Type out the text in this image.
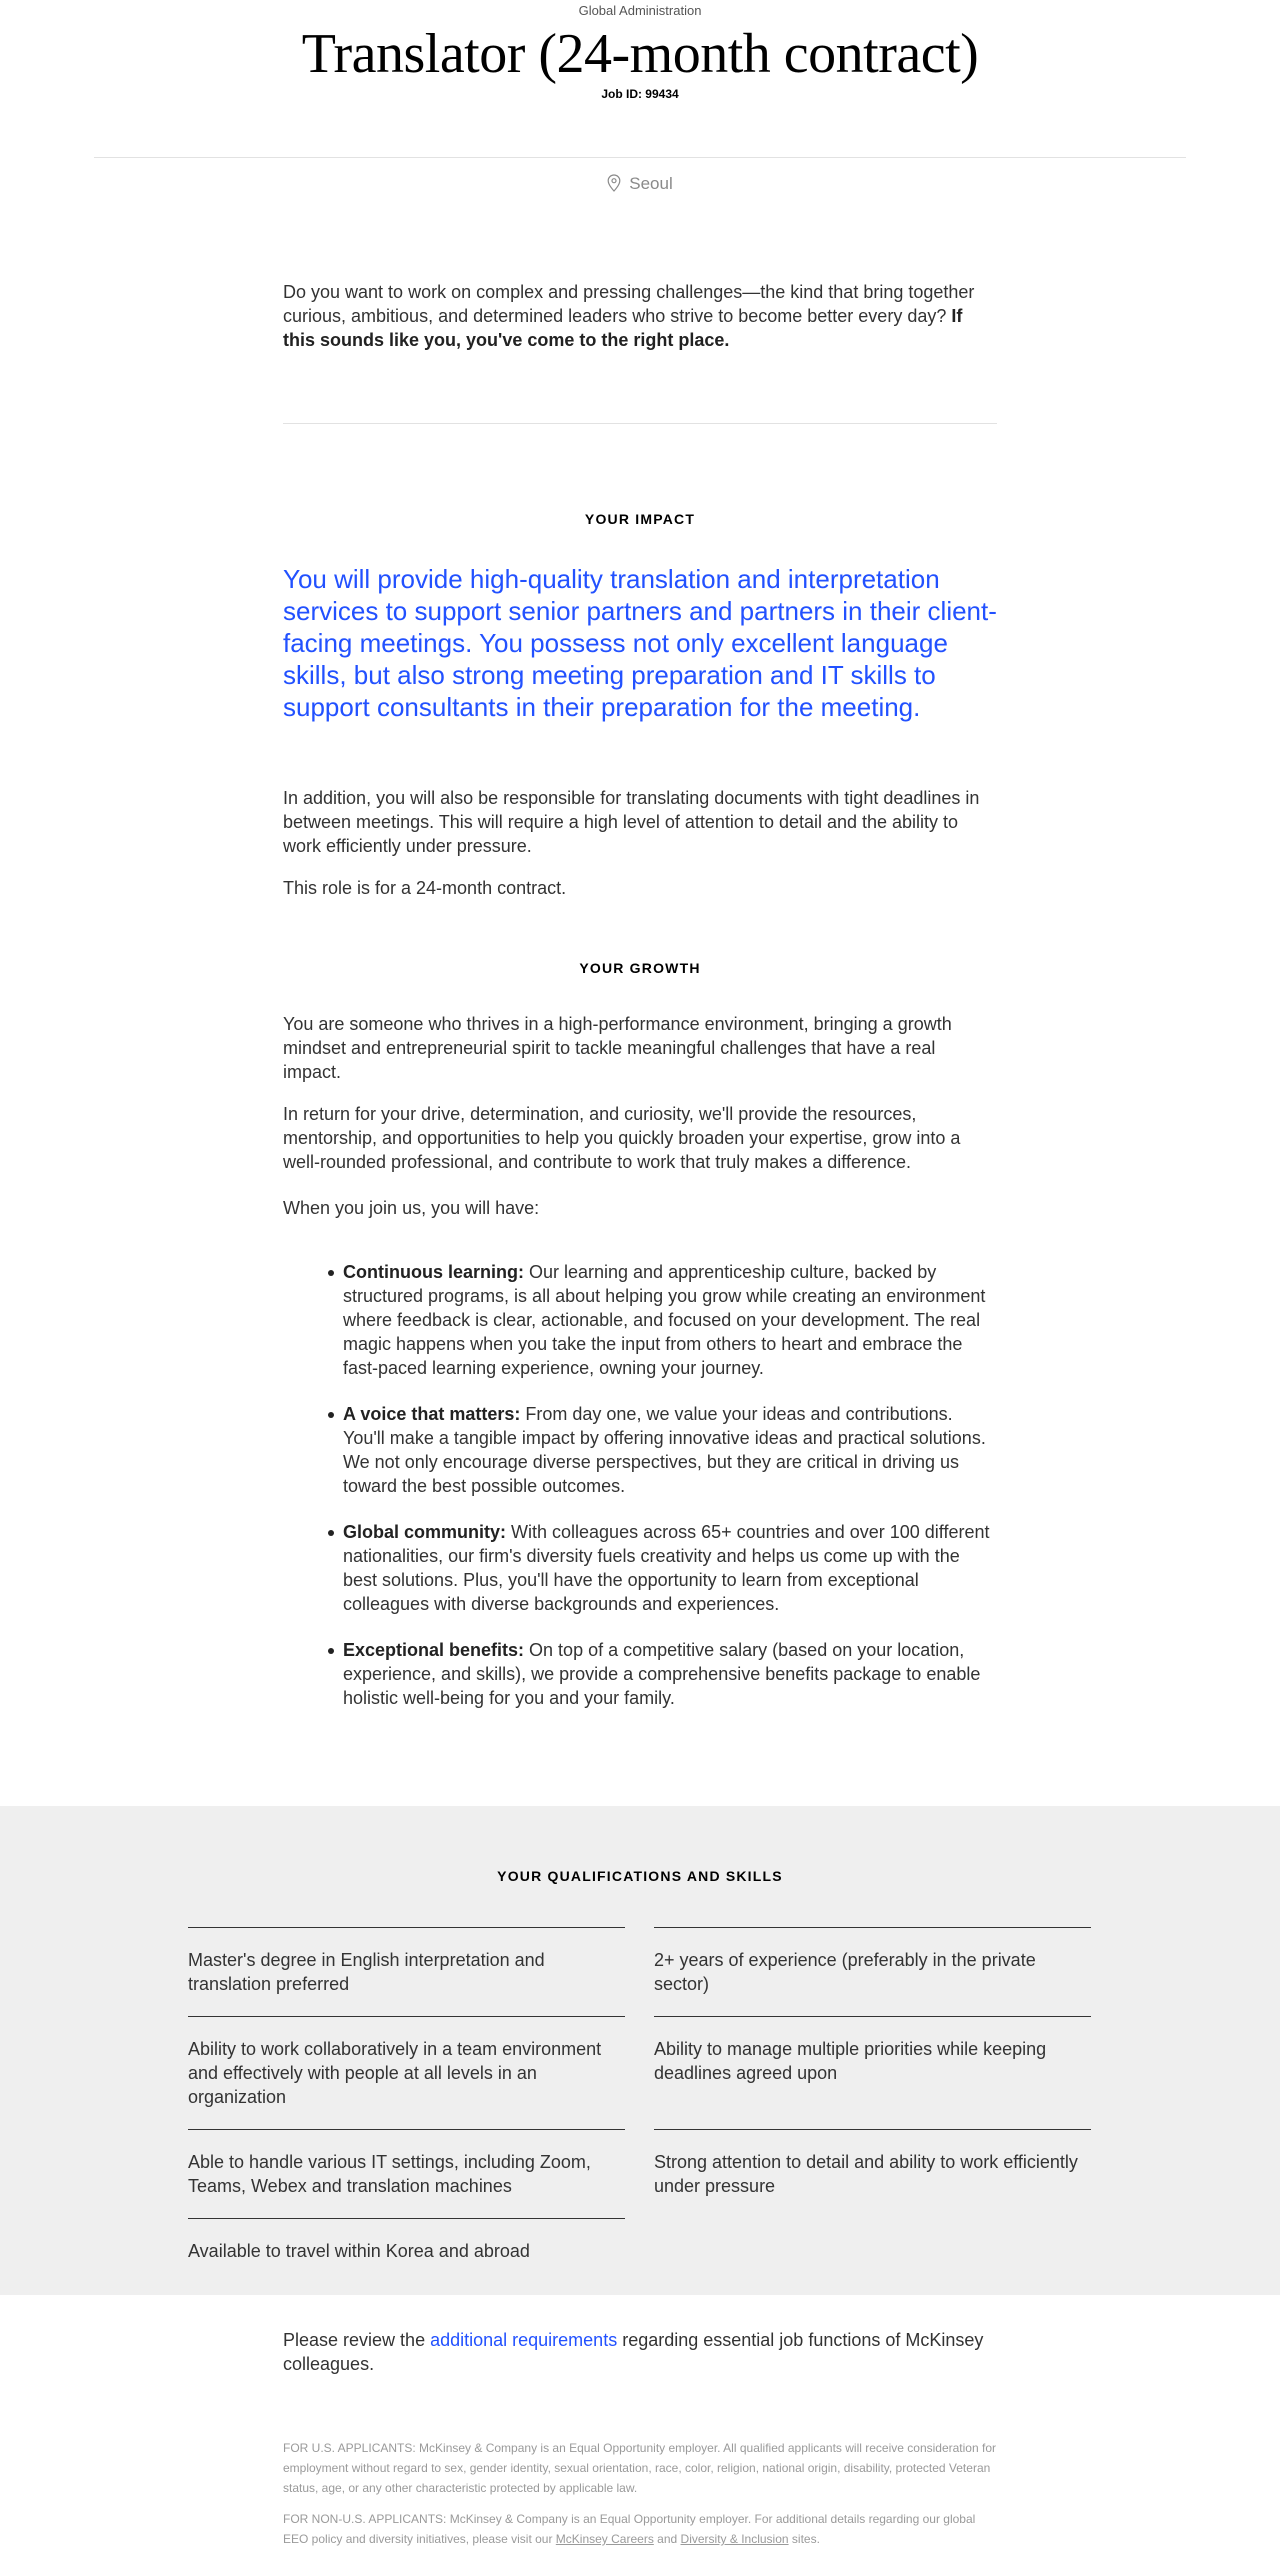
Global Administration
Translator (24-month contract)
Job ID: 99434
Seoul
Do you want to work on complex and pressing challenges—the kind that bring together curious, ambitious, and determined leaders who strive to become better every day? If this sounds like you, you've come to the right place.
YOUR IMPACT
You will provide high-quality translation and interpretation services to support senior partners and partners in their client-facing meetings. You possess not only excellent language skills, but also strong meeting preparation and IT skills to support consultants in their preparation for the meeting.
In addition, you will also be responsible for translating documents with tight deadlines in between meetings. This will require a high level of attention to detail and the ability to work efficiently under pressure.
This role is for a 24-month contract.
YOUR GROWTH
You are someone who thrives in a high-performance environment, bringing a growth mindset and entrepreneurial spirit to tackle meaningful challenges that have a real impact.
In return for your drive, determination, and curiosity, we'll provide the resources, mentorship, and opportunities to help you quickly broaden your expertise, grow into a well-rounded professional, and contribute to work that truly makes a difference.
When you join us, you will have:
Continuous learning: Our learning and apprenticeship culture, backed by structured programs, is all about helping you grow while creating an environment where feedback is clear, actionable, and focused on your development. The real magic happens when you take the input from others to heart and embrace the fast-paced learning experience, owning your journey.
A voice that matters: From day one, we value your ideas and contributions. You'll make a tangible impact by offering innovative ideas and practical solutions. We not only encourage diverse perspectives, but they are critical in driving us toward the best possible outcomes.
Global community: With colleagues across 65+ countries and over 100 different nationalities, our firm's diversity fuels creativity and helps us come up with the best solutions. Plus, you'll have the opportunity to learn from exceptional colleagues with diverse backgrounds and experiences.
Exceptional benefits: On top of a competitive salary (based on your location, experience, and skills), we provide a comprehensive benefits package to enable holistic well-being for you and your family.
YOUR QUALIFICATIONS AND SKILLS
Master's degree in English interpretation and translation preferred
2+ years of experience (preferably in the private sector)
Ability to work collaboratively in a team environment and effectively with people at all levels in an organization
Ability to manage multiple priorities while keeping deadlines agreed upon
Able to handle various IT settings, including Zoom, Teams, Webex and translation machines
Strong attention to detail and ability to work efficiently under pressure
Available to travel within Korea and abroad
Please review the additional requirements regarding essential job functions of McKinsey colleagues.
FOR U.S. APPLICANTS: McKinsey & Company is an Equal Opportunity employer. All qualified applicants will receive consideration for employment without regard to sex, gender identity, sexual orientation, race, color, religion, national origin, disability, protected Veteran status, age, or any other characteristic protected by applicable law.
FOR NON-U.S. APPLICANTS: McKinsey & Company is an Equal Opportunity employer. For additional details regarding our global EEO policy and diversity initiatives, please visit our McKinsey Careers and Diversity & Inclusion sites.
